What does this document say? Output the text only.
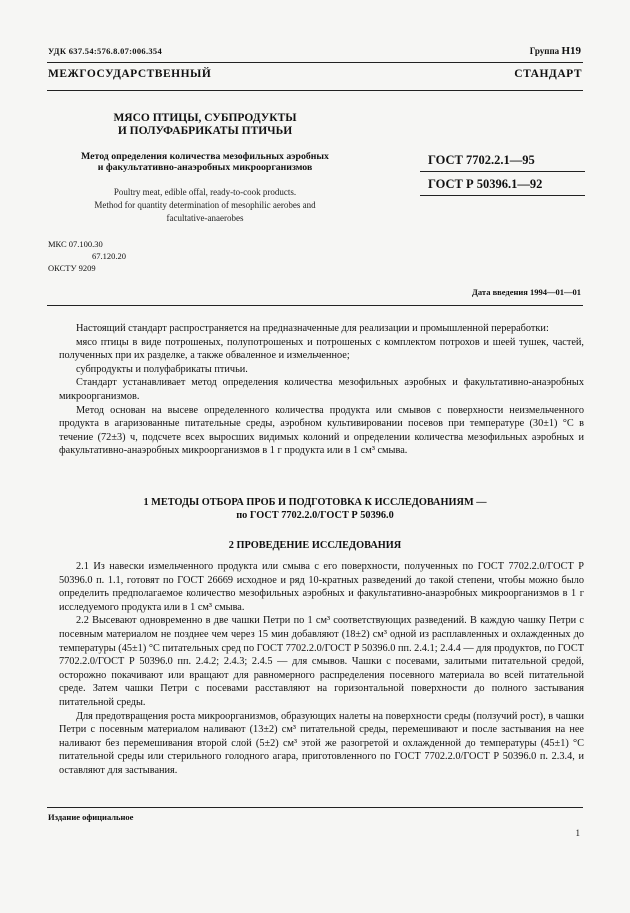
УДК 637.54:576.8.07:006.354	Группа Н19
МЕЖГОСУДАРСТВЕННЫЙ СТАНДАРТ
МЯСО ПТИЦЫ, СУБПРОДУКТЫ
И ПОЛУФАБРИКАТЫ ПТИЧЬИ
Метод определения количества мезофильных аэробных
и факультативно-анаэробных микроорганизмов
Poultry meat, edible offal, ready-to-cook products.
Method for quantity determination of mesophilic aerobes and
facultative-anaerobes
ГОСТ 7702.2.1—95
ГОСТ Р 50396.1—92
МКС 07.100.30
67.120.20
ОКСТУ 9209
Дата введения 1994—01—01

Настоящий стандарт распространяется на предназначенные для реализации и промышленной переработки:

мясо птицы в виде потрошеных, полупотрошеных и потрошеных с комплектом потрохов и шеей тушек, частей, полученных при их разделке, а также обваленное и измельченное;

субпродукты и полуфабрикаты птичьи.

Стандарт устанавливает метод определения количества мезофильных аэробных и факультативно-анаэробных микроорганизмов.

Метод основан на высеве определенного количества продукта или смывов с поверхности неизмельченного продукта в агаризованные питательные среды, аэробном культивировании посевов при температуре (30±1) °С в течение (72±3) ч, подсчете всех выросших видимых колоний и определении количества мезофильных аэробных и факультативно-анаэробных микроорганизмов в 1 г продукта или в 1 см³ смыва.

1 МЕТОДЫ ОТБОРА ПРОБ И ПОДГОТОВКА К ИССЛЕДОВАНИЯМ —
по ГОСТ 7702.2.0/ГОСТ Р 50396.0
2 ПРОВЕДЕНИЕ ИССЛЕДОВАНИЯ

2.1 Из навески измельченного продукта или смыва с его поверхности, полученных по ГОСТ 7702.2.0/ГОСТ Р 50396.0 п. 1.1, готовят по ГОСТ 26669 исходное и ряд 10-кратных разведений до такой степени, чтобы можно было определить предполагаемое количество мезофильных аэробных и факультативно-анаэробных микроорганизмов в 1 г исследуемого продукта или в 1 см³ смыва.

2.2 Высевают одновременно в две чашки Петри по 1 см³ соответствующих разведений. В каждую чашку Петри с посевным материалом не позднее чем через 15 мин добавляют (18±2) см³ одной из расплавленных и охлажденных до температуры (45±1) °С питательных сред по ГОСТ 7702.2.0/ГОСТ Р 50396.0 пп. 2.4.1; 2.4.4 — для продуктов, по ГОСТ 7702.2.0/ГОСТ Р 50396.0 пп. 2.4.2; 2.4.3; 2.4.5 — для смывов. Чашки с посевами, залитыми питательной средой, осторожно покачивают или вращают для равномерного распределения посевного материала во всей питательной среде. Затем чашки Петри с посевами расставляют на горизонтальной поверхности до полного застывания питательной среды.

Для предотвращения роста микроорганизмов, образующих налеты на поверхности среды (ползучий рост), в чашки Петри с посевным материалом наливают (13±2) см³ питательной среды, перемешивают и после застывания на нее наливают без перемешивания второй слой (5±2) см³ этой же разогретой и охлажденной до температуры (45±1) °С питательной среды или стерильного голодного агара, приготовленного по ГОСТ 7702.2.0/ГОСТ Р 50396.0 п. 2.3.4, и оставляют для застывания.

Издание официальное
1
